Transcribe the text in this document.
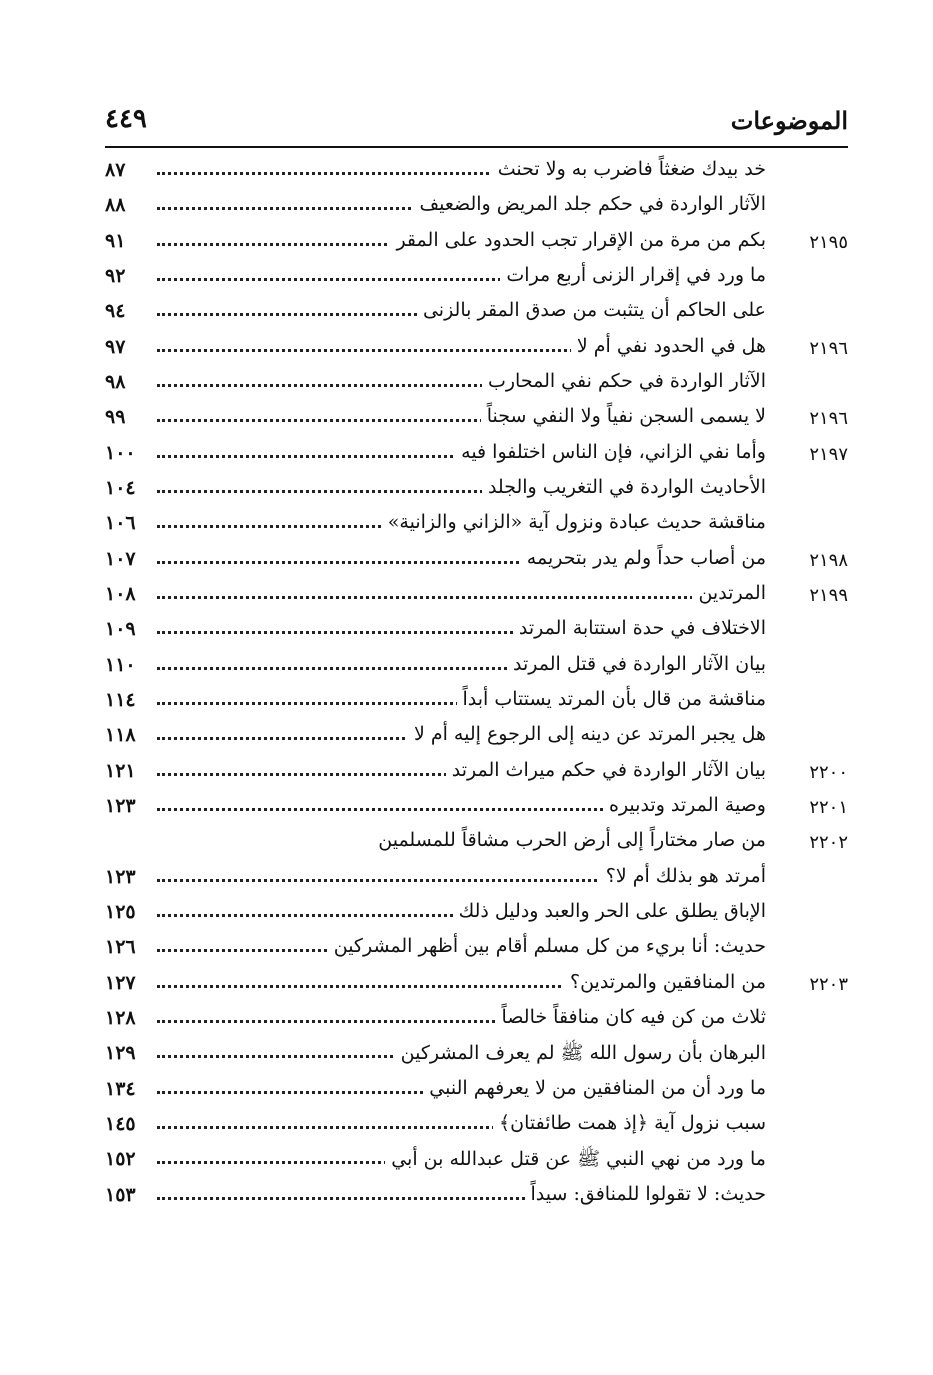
الموضوعات
٤٤٩
خد بيدك ضغثاً فاضرب به ولا تحنث
٨٧
الآثار الواردة في حكم جلد المريض والضعيف
٨٨
٢١٩٥
بكم من مرة من الإقرار تجب الحدود على المقر
٩١
ما ورد في إقرار الزنى أربع مرات
٩٢
على الحاكم أن يتثبت من صدق المقر بالزنى
٩٤
٢١٩٦
هل في الحدود نفي أم لا
٩٧
الآثار الواردة في حكم نفي المحارب
٩٨
٢١٩٦
لا يسمى السجن نفياً ولا النفي سجناً
٩٩
٢١٩٧
وأما نفي الزاني، فإن الناس اختلفوا فيه
١٠٠
الأحاديث الواردة في التغريب والجلد
١٠٤
مناقشة حديث عبادة ونزول آية «الزاني والزانية»
١٠٦
٢١٩٨
من أصاب حداً ولم يدر بتحريمه
١٠٧
٢١٩٩
المرتدين
١٠٨
الاختلاف في حدة استتابة المرتد
١٠٩
بيان الآثار الواردة في قتل المرتد
١١٠
مناقشة من قال بأن المرتد يستتاب أبداً
١١٤
هل يجبر المرتد عن دينه إلى الرجوع إليه أم لا
١١٨
٢٢٠٠
بيان الآثار الواردة في حكم ميراث المرتد
١٢١
٢٢٠١
وصية المرتد وتدبيره
١٢٣
٢٢٠٢
من صار مختاراً إلى أرض الحرب مشاقاً للمسلمين
أمرتد هو بذلك أم لا؟
١٢٣
الإباق يطلق على الحر والعبد ودليل ذلك
١٢٥
حديث: أنا بريء من كل مسلم أقام بين أظهر المشركين
١٢٦
٢٢٠٣
من المنافقين والمرتدين؟
١٢٧
ثلاث من كن فيه كان منافقاً خالصاً
١٢٨
البرهان بأن رسول الله ﷺ لم يعرف المشركين
١٢٩
ما ورد أن من المنافقين من لا يعرفهم النبي
١٣٤
سبب نزول آية ﴿إذ همت طائفتان﴾
١٤٥
ما ورد من نهي النبي ﷺ عن قتل عبدالله بن أبي
١٥٢
حديث: لا تقولوا للمنافق: سيداً
١٥٣
